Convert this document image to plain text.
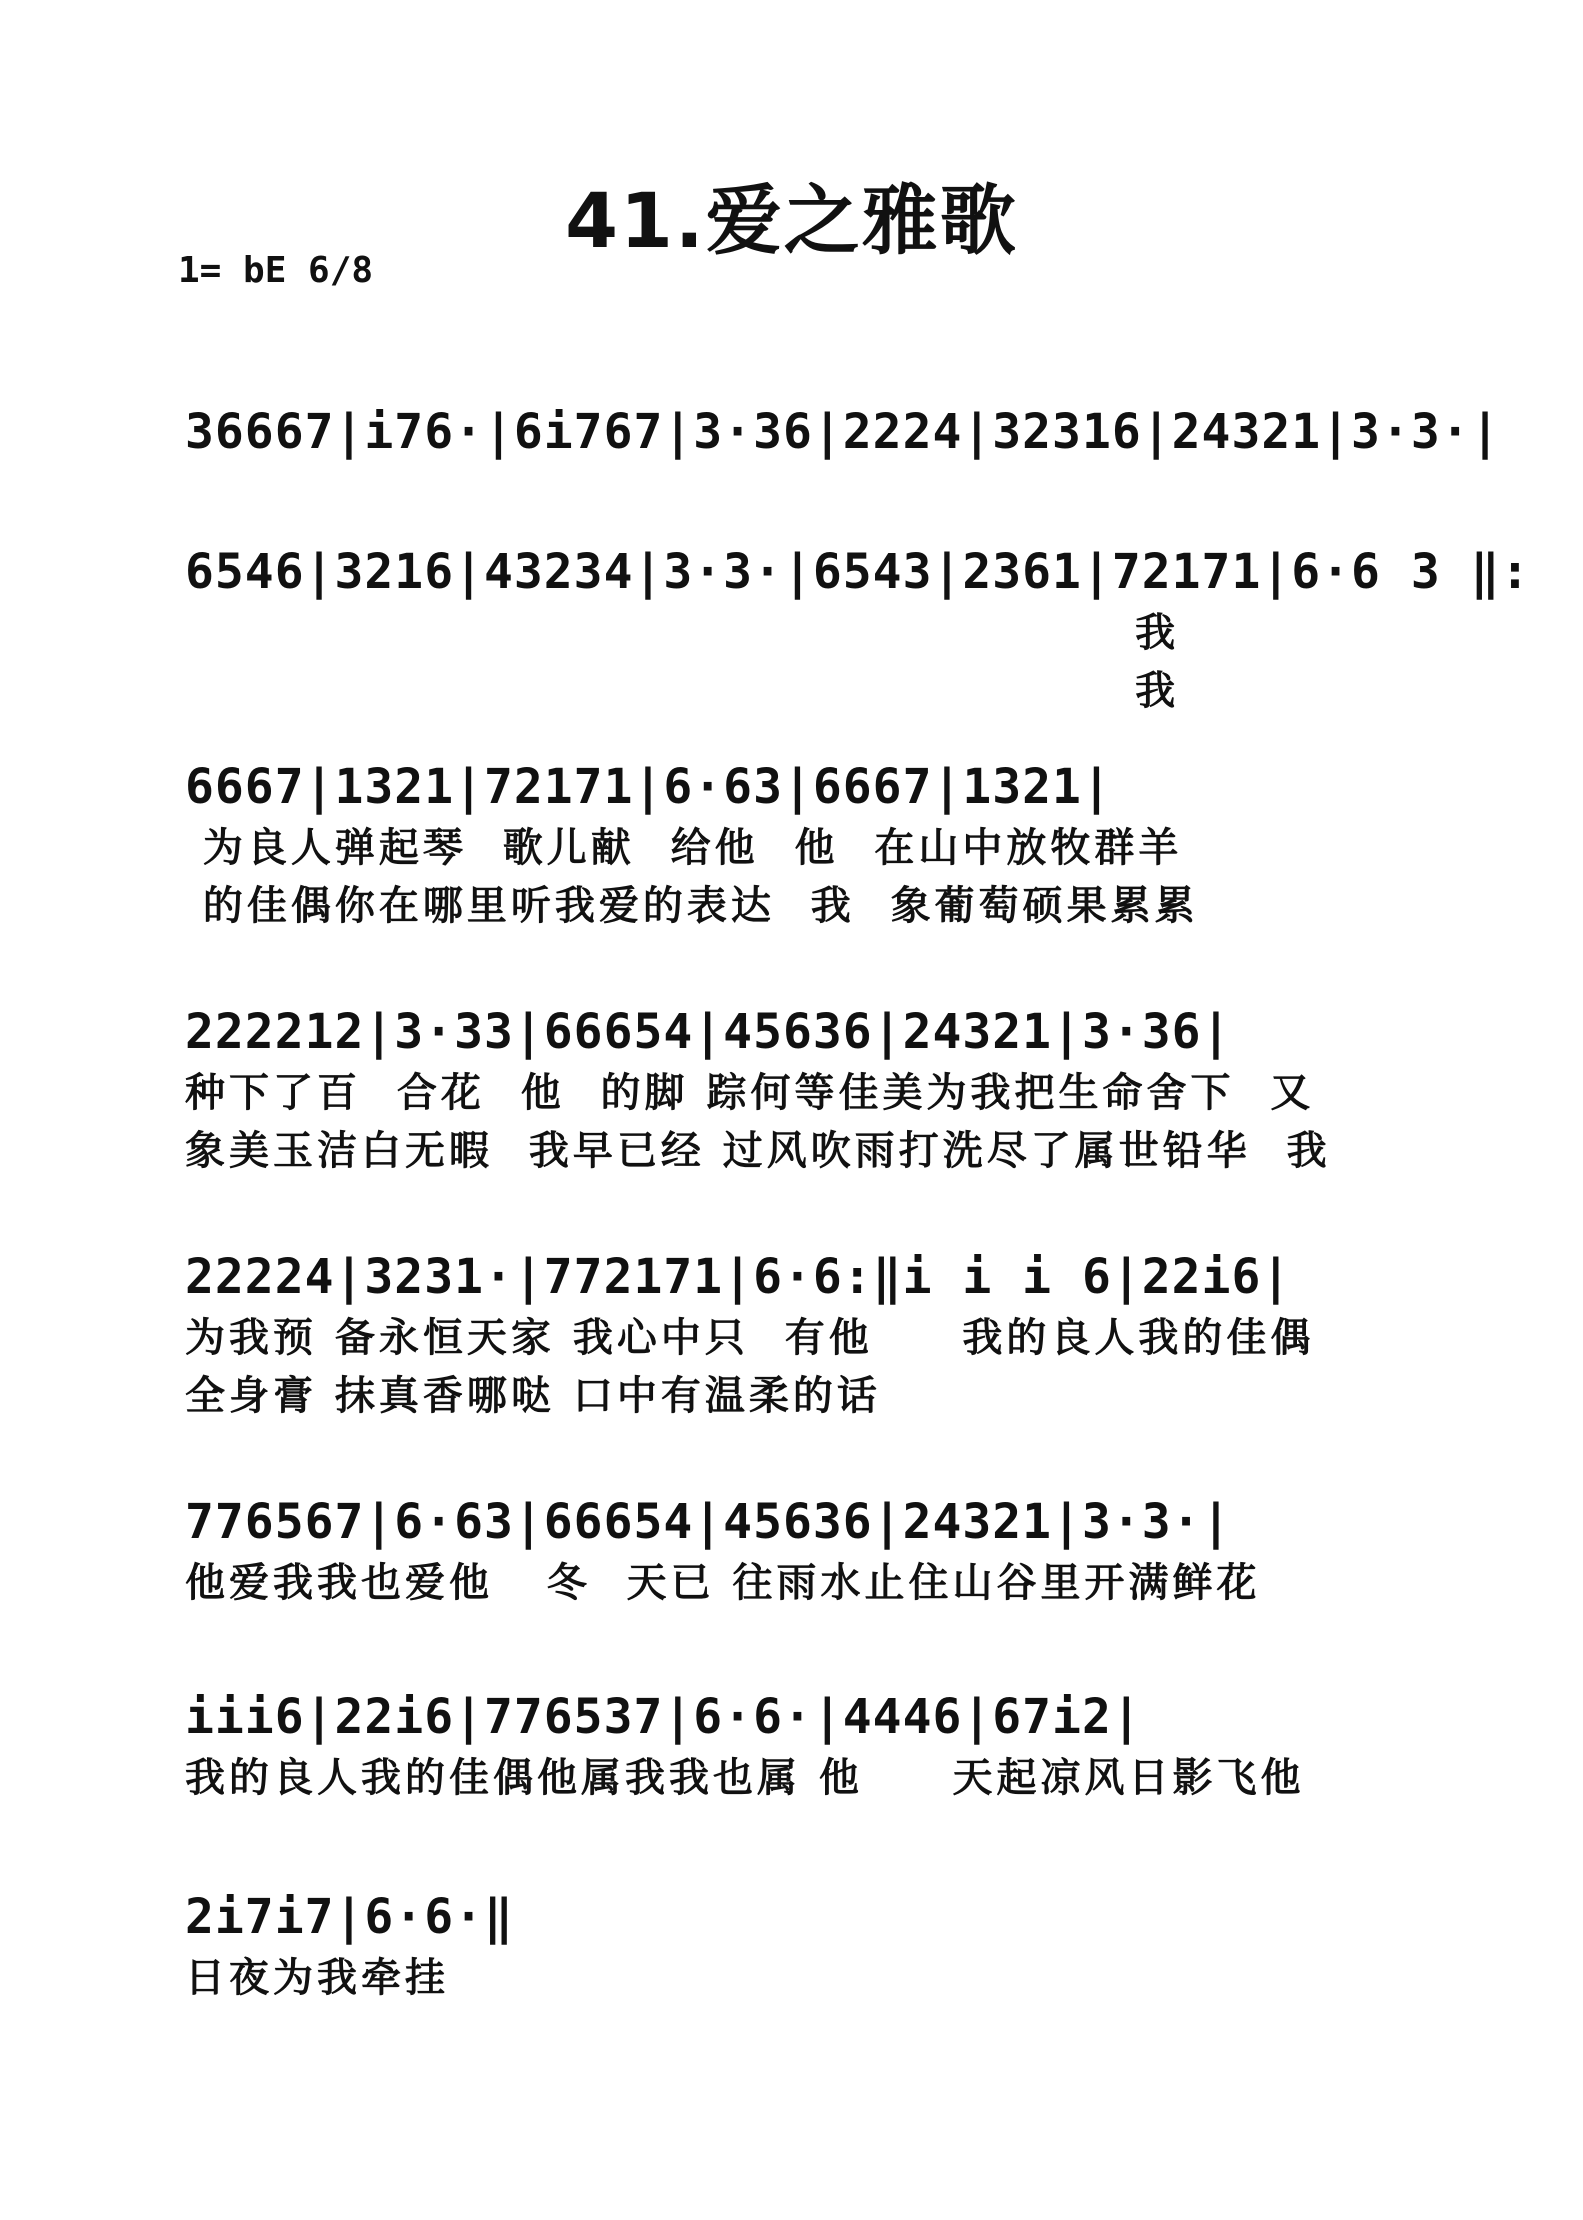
41.爱之雅歌
1= bE 6/8
36667|i76·|6i767|3·36|2224|32316|24321|3·3·|
6546|3216|43234|3·3·|6543|2361|72171|6·6 3 ‖:
我
我
6667|1321|72171|6·63|6667|1321|
为良人弹起琴  歌儿献  给他  他  在山中放牧群羊
的佳偶你在哪里听我爱的表达  我  象葡萄硕果累累
222212|3·33|66654|45636|24321|3·36|
种下了百  合花  他  的脚 踪何等佳美为我把生命舍下  又
象美玉洁白无暇  我早已经 过风吹雨打洗尽了属世铅华  我
22224|3231·|772171|6·6:‖i i i 6|22i6|
为我预 备永恒天家 我心中只  有他     我的良人我的佳偶
全身膏 抹真香哪哒 口中有温柔的话
776567|6·63|66654|45636|24321|3·3·|
他爱我我也爱他   冬  天已 往雨水止住山谷里开满鲜花
iii6|22i6|776537|6·6·|4446|67i2|
我的良人我的佳偶他属我我也属 他     天起凉风日影飞他
2i7i7|6·6·‖
日夜为我牵挂
